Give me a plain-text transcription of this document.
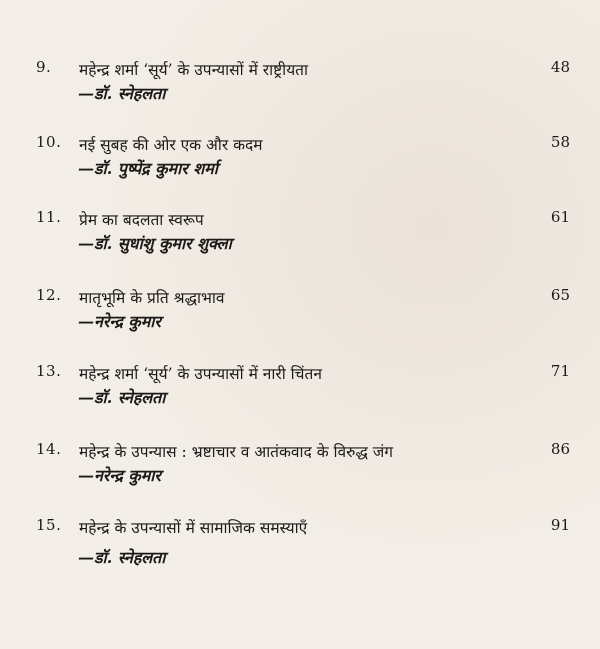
9. महेन्द्र शर्मा ‘सूर्य’ के उपन्यासों में राष्ट्रीयता	48
—डॉ. स्नेहलता
10. नई सुबह की ओर एक और कदम	58
—डॉ. पुष्पेंद्र कुमार शर्मा
11. प्रेम का बदलता स्वरूप	61
—डॉ. सुधांशु कुमार शुक्ला
12. मातृभूमि के प्रति श्रद्धाभाव	65
—नरेन्द्र कुमार
13. महेन्द्र शर्मा ‘सूर्य’ के उपन्यासों में नारी चिंतन	71
—डॉ. स्नेहलता
14. महेन्द्र के उपन्यास : भ्रष्टाचार व आतंकवाद के विरुद्ध जंग	86
—नरेन्द्र कुमार
15. महेन्द्र के उपन्यासों में सामाजिक समस्याएँ	91
—डॉ. स्नेहलता
